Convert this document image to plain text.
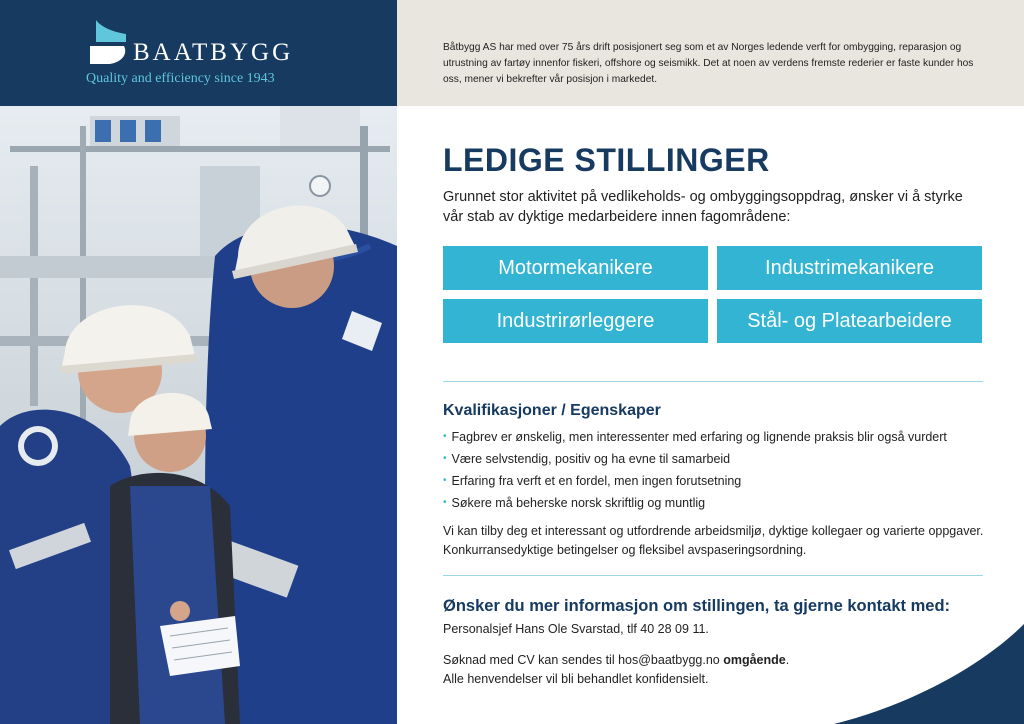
BAATBYGG
Quality and efficiency since 1943

Båtbygg AS har med over 75 års drift posisjonert seg som et av Norges ledende verft for ombygging, reparasjon og utrustning av fartøy innenfor fiskeri, offshore og seismikk. Det at noen av verdens fremste rederier er faste kunder hos oss, mener vi bekrefter vår posisjon i markedet.

LEDIGE STILLINGER

Grunnet stor aktivitet på vedlikeholds- og ombyggingsoppdrag, ønsker vi å styrke vår stab av dyktige medarbeidere innen fagområdene:

Motormekanikere	Industrimekanikere
Industrirørleggere	Stål- og Platearbeidere
Kvalifikasjoner / Egenskaper
• Fagbrev er ønskelig, men interessenter med erfaring og lignende praksis blir også vurdert
• Være selvstendig, positiv og ha evne til samarbeid
• Erfaring fra verft et en fordel, men ingen forutsetning
• Søkere må beherske norsk skriftlig og muntlig

Vi kan tilby deg et interessant og utfordrende arbeidsmiljø, dyktige kollegaer og varierte oppgaver. Konkurransedyktige betingelser og fleksibel avspaseringsordning.

Ønsker du mer informasjon om stillingen, ta gjerne kontakt med:

Personalsjef Hans Ole Svarstad, tlf 40 28 09 11.

Søknad med CV kan sendes til hos@baatbygg.no omgående.
Alle henvendelser vil bli behandlet konfidensielt.
